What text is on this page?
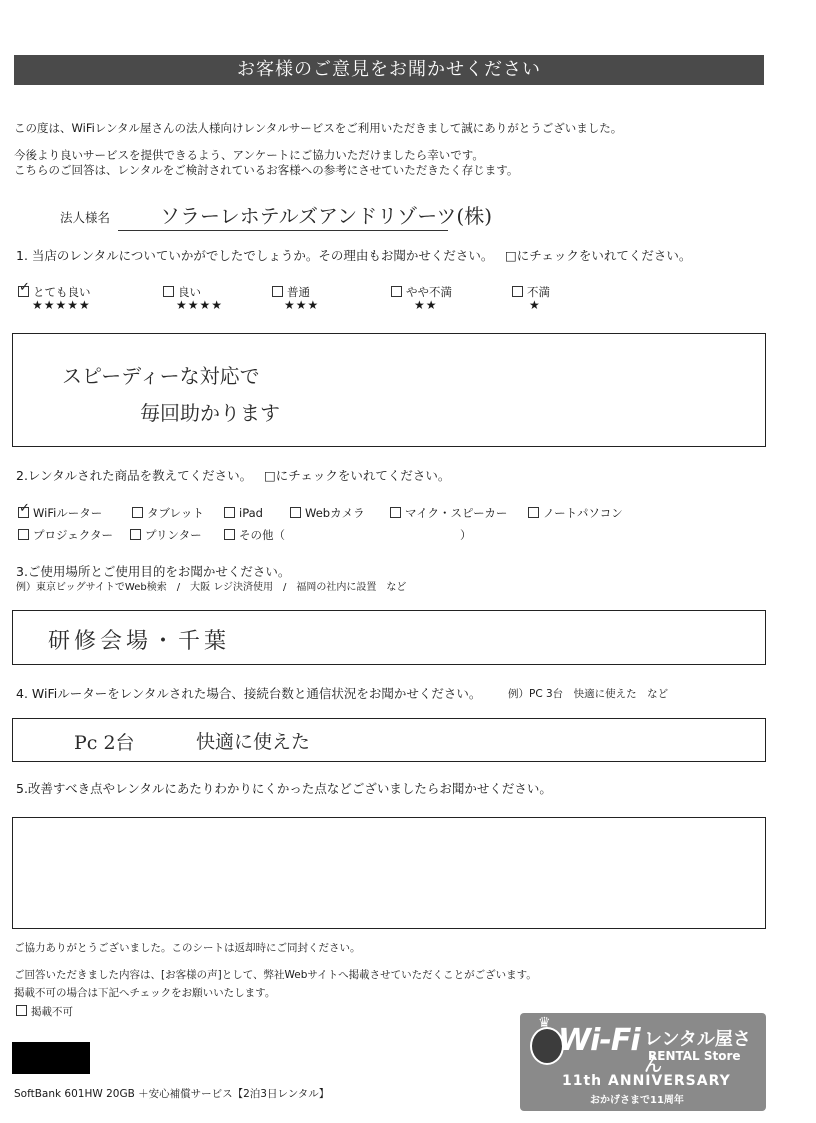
お客様のご意見をお聞かせください
この度は、WiFiレンタル屋さんの法人様向けレンタルサービスをご利用いただきまして誠にありがとうございました。
今後より良いサービスを提供できるよう、アンケートにご協力いただけましたら幸いです。
こちらのご回答は、レンタルをご検討されているお客様への参考にさせていただきたく存じます。
法人様名 ソラーレホテルズアンドリゾーツ(株)
1. 当店のレンタルについていかがでしたでしょうか。その理由もお聞かせください。 □にチェックをいれてください。
✓とても良い
★★★★★
良い
★★★★
普通
★★★
やや不満
★★
不満
★
スピーディーな対応で
毎回助かります
2.レンタルされた商品を教えてください。 □にチェックをいれてください。
✓WiFiルーター	タブレット	iPad	Webカメラ	マイク・スピーカー	ノートパソコン
プロジェクター	プリンター	その他（	）
3.ご使用場所とご使用目的をお聞かせください。
例）東京ビッグサイトでWeb検索　/　大阪 レジ決済使用　/　福岡の社内に設置　など
研修会場・千葉
4. WiFiルーターをレンタルされた場合、接続台数と通信状況をお聞かせください。	例）PC 3台　快適に使えた　など
Pc 2台	快適に使えた
5.改善すべき点やレンタルにあたりわかりにくかった点などございましたらお聞かせください。
ご協力ありがとうございました。このシートは返却時にご同封ください。
ご回答いただきました内容は、[お客様の声]として、弊社Webサイトへ掲載させていただくことがございます。
掲載不可の場合は下記へチェックをお願いいたします。
掲載不可
SoftBank 601HW 20GB ＋安心補償サービス【2泊3日レンタル】
♛ Wi-Fi レンタル屋さん
RENTAL Store
11th ANNIVERSARY
おかげさまで11周年
